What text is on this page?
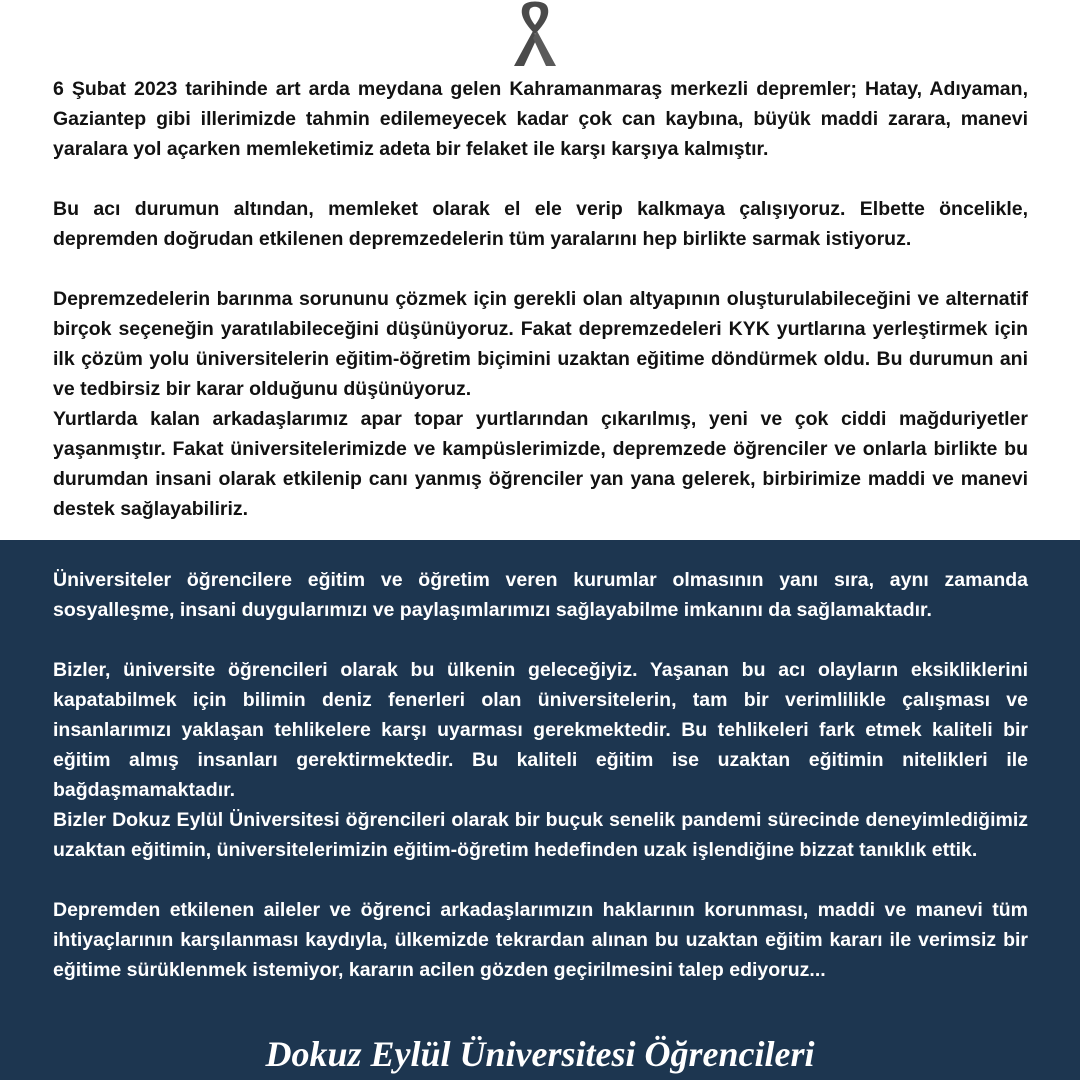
6 Şubat 2023 tarihinde art arda meydana gelen Kahramanmaraş merkezli depremler; Hatay, Adıyaman, Gaziantep gibi illerimizde tahmin edilemeyecek kadar çok can kaybına, büyük maddi zarara, manevi yaralara yol açarken memleketimiz adeta bir felaket ile karşı karşıya kalmıştır.

Bu acı durumun altından, memleket olarak el ele verip kalkmaya çalışıyoruz. Elbette öncelikle, depremden doğrudan etkilenen depremzedelerin tüm yaralarını hep birlikte sarmak istiyoruz.

Depremzedelerin barınma sorununu çözmek için gerekli olan altyapının oluşturulabileceğini ve alternatif birçok seçeneğin yaratılabileceğini düşünüyoruz. Fakat depremzedeleri KYK yurtlarına yerleştirmek için ilk çözüm yolu üniversitelerin eğitim-öğretim biçimini uzaktan eğitime döndürmek oldu. Bu durumun ani ve tedbirsiz bir karar olduğunu düşünüyoruz.

Yurtlarda kalan arkadaşlarımız apar topar yurtlarından çıkarılmış, yeni ve çok ciddi mağduriyetler yaşanmıştır. Fakat üniversitelerimizde ve kampüslerimizde, depremzede öğrenciler ve onlarla birlikte bu durumdan insani olarak etkilenip canı yanmış öğrenciler yan yana gelerek, birbirimize maddi ve manevi destek sağlayabiliriz.

Üniversiteler öğrencilere eğitim ve öğretim veren kurumlar olmasının yanı sıra, aynı zamanda sosyalleşme, insani duygularımızı ve paylaşımlarımızı sağlayabilme imkanını da sağlamaktadır.

Bizler, üniversite öğrencileri olarak bu ülkenin geleceğiyiz. Yaşanan bu acı olayların eksikliklerini kapatabilmek için bilimin deniz fenerleri olan üniversitelerin, tam bir verimlilikle çalışması ve insanlarımızı yaklaşan tehlikelere karşı uyarması gerekmektedir. Bu tehlikeleri fark etmek kaliteli bir eğitim almış insanları gerektirmektedir. Bu kaliteli eğitim ise uzaktan eğitimin nitelikleri ile bağdaşmamaktadır.

Bizler Dokuz Eylül Üniversitesi öğrencileri olarak bir buçuk senelik pandemi sürecinde deneyimlediğimiz uzaktan eğitimin, üniversitelerimizin eğitim-öğretim hedefinden uzak işlendiğine bizzat tanıklık ettik.

Depremden etkilenen aileler ve öğrenci arkadaşlarımızın haklarının korunması, maddi ve manevi tüm ihtiyaçlarının karşılanması kaydıyla, ülkemizde tekrardan alınan bu uzaktan eğitim kararı ile verimsiz bir eğitime sürüklenmek istemiyor, kararın acilen gözden geçirilmesini talep ediyoruz...

Dokuz Eylül Üniversitesi Öğrencileri
